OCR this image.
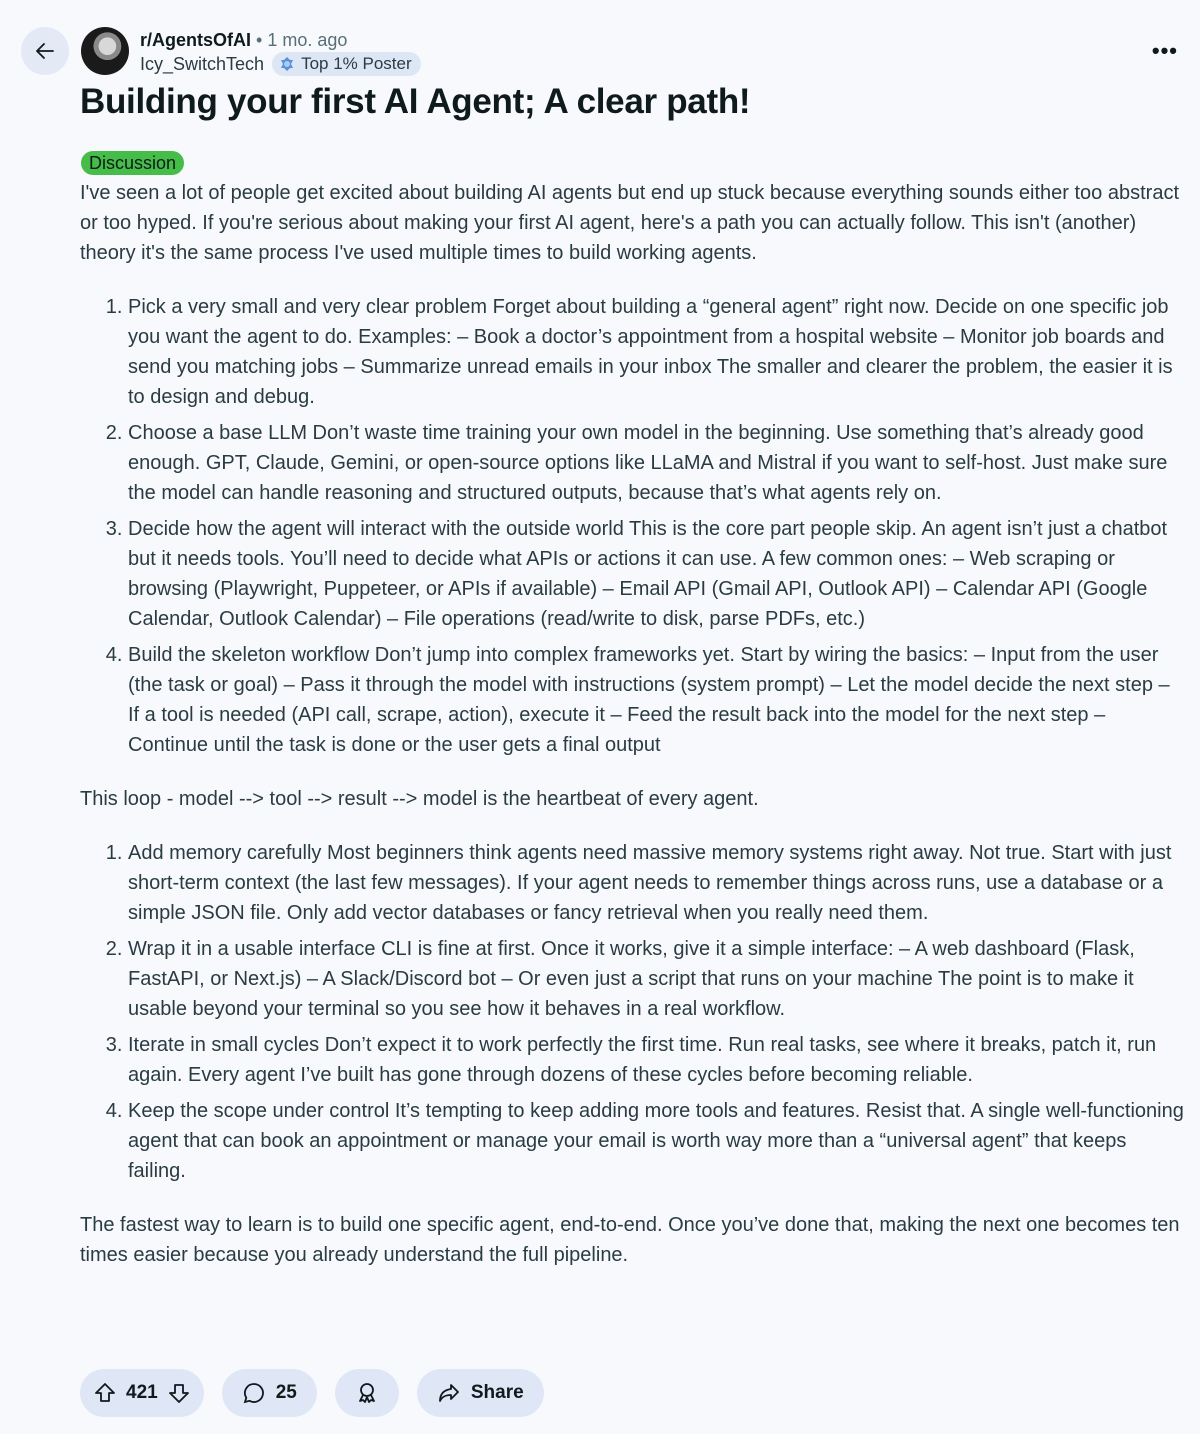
r/AgentsOfAI • 1 mo. ago
Icy_SwitchTech Top 1% Poster
•••
Building your first AI Agent; A clear path!
Discussion

I've seen a lot of people get excited about building AI agents but end up stuck because everything sounds either too abstract or too hyped. If you're serious about making your first AI agent, here's a path you can actually follow. This isn't (another) theory it's the same process I've used multiple times to build working agents.

1. Pick a very small and very clear problem Forget about building a “general agent” right now. Decide on one specific job you want the agent to do. Examples: – Book a doctor’s appointment from a hospital website – Monitor job boards and send you matching jobs – Summarize unread emails in your inbox The smaller and clearer the problem, the easier it is to design and debug.
2. Choose a base LLM Don’t waste time training your own model in the beginning. Use something that’s already good enough. GPT, Claude, Gemini, or open-source options like LLaMA and Mistral if you want to self-host. Just make sure the model can handle reasoning and structured outputs, because that’s what agents rely on.
3. Decide how the agent will interact with the outside world This is the core part people skip. An agent isn’t just a chatbot but it needs tools. You’ll need to decide what APIs or actions it can use. A few common ones: – Web scraping or browsing (Playwright, Puppeteer, or APIs if available) – Email API (Gmail API, Outlook API) – Calendar API (Google Calendar, Outlook Calendar) – File operations (read/write to disk, parse PDFs, etc.)
4. Build the skeleton workflow Don’t jump into complex frameworks yet. Start by wiring the basics: – Input from the user (the task or goal) – Pass it through the model with instructions (system prompt) – Let the model decide the next step – If a tool is needed (API call, scrape, action), execute it – Feed the result back into the model for the next step – Continue until the task is done or the user gets a final output

This loop - model --> tool --> result --> model is the heartbeat of every agent.

1. Add memory carefully Most beginners think agents need massive memory systems right away. Not true. Start with just short-term context (the last few messages). If your agent needs to remember things across runs, use a database or a simple JSON file. Only add vector databases or fancy retrieval when you really need them.
2. Wrap it in a usable interface CLI is fine at first. Once it works, give it a simple interface: – A web dashboard (Flask, FastAPI, or Next.js) – A Slack/Discord bot – Or even just a script that runs on your machine The point is to make it usable beyond your terminal so you see how it behaves in a real workflow.
3. Iterate in small cycles Don’t expect it to work perfectly the first time. Run real tasks, see where it breaks, patch it, run again. Every agent I’ve built has gone through dozens of these cycles before becoming reliable.
4. Keep the scope under control It’s tempting to keep adding more tools and features. Resist that. A single well-functioning agent that can book an appointment or manage your email is worth way more than a “universal agent” that keeps failing.

The fastest way to learn is to build one specific agent, end-to-end. Once you’ve done that, making the next one becomes ten times easier because you already understand the full pipeline.

421	25	Share
